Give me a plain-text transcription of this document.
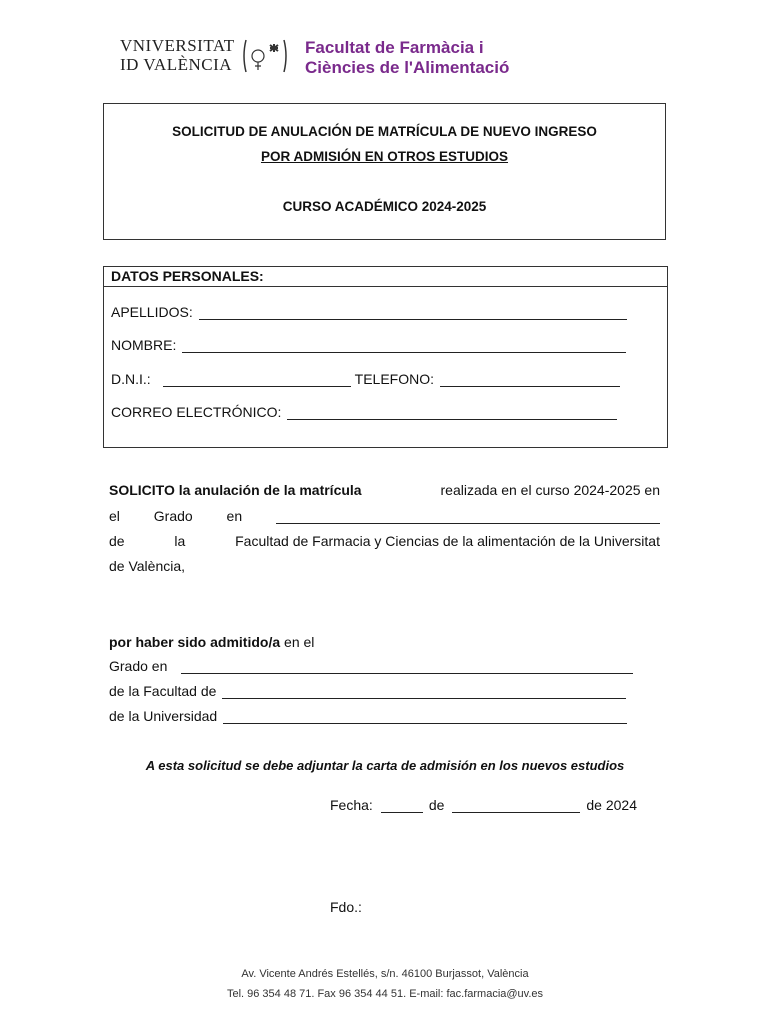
VNIVERSITAT
ID VALÈNCIA
Facultat de Farmàcia i
Ciències de l'Alimentació
SOLICITUD DE ANULACIÓN DE MATRÍCULA DE NUEVO INGRESO
POR ADMISIÓN EN OTROS ESTUDIOS
CURSO ACADÉMICO 2024-2025
DATOS PERSONALES:
APELLIDOS:
NOMBRE:
D.N.I.:	TELEFONO:
CORREO ELECTRÓNICO:
SOLICITO la anulación de la matrícula	realizada en el curso 2024-2025 en
el Grado en
de	la	Facultad de Farmacia y Ciencias de la alimentación de la Universitat
de València,
por haber sido admitido/a en el
Grado en
de la Facultad de
de la Universidad
A esta solicitud se debe adjuntar la carta de admisión en los nuevos estudios
Fecha:	de	de 2024
Fdo.:
Av. Vicente Andrés Estellés, s/n. 46100 Burjassot, València
Tel. 96 354 48 71. Fax 96 354 44 51. E-mail: fac.farmacia@uv.es
